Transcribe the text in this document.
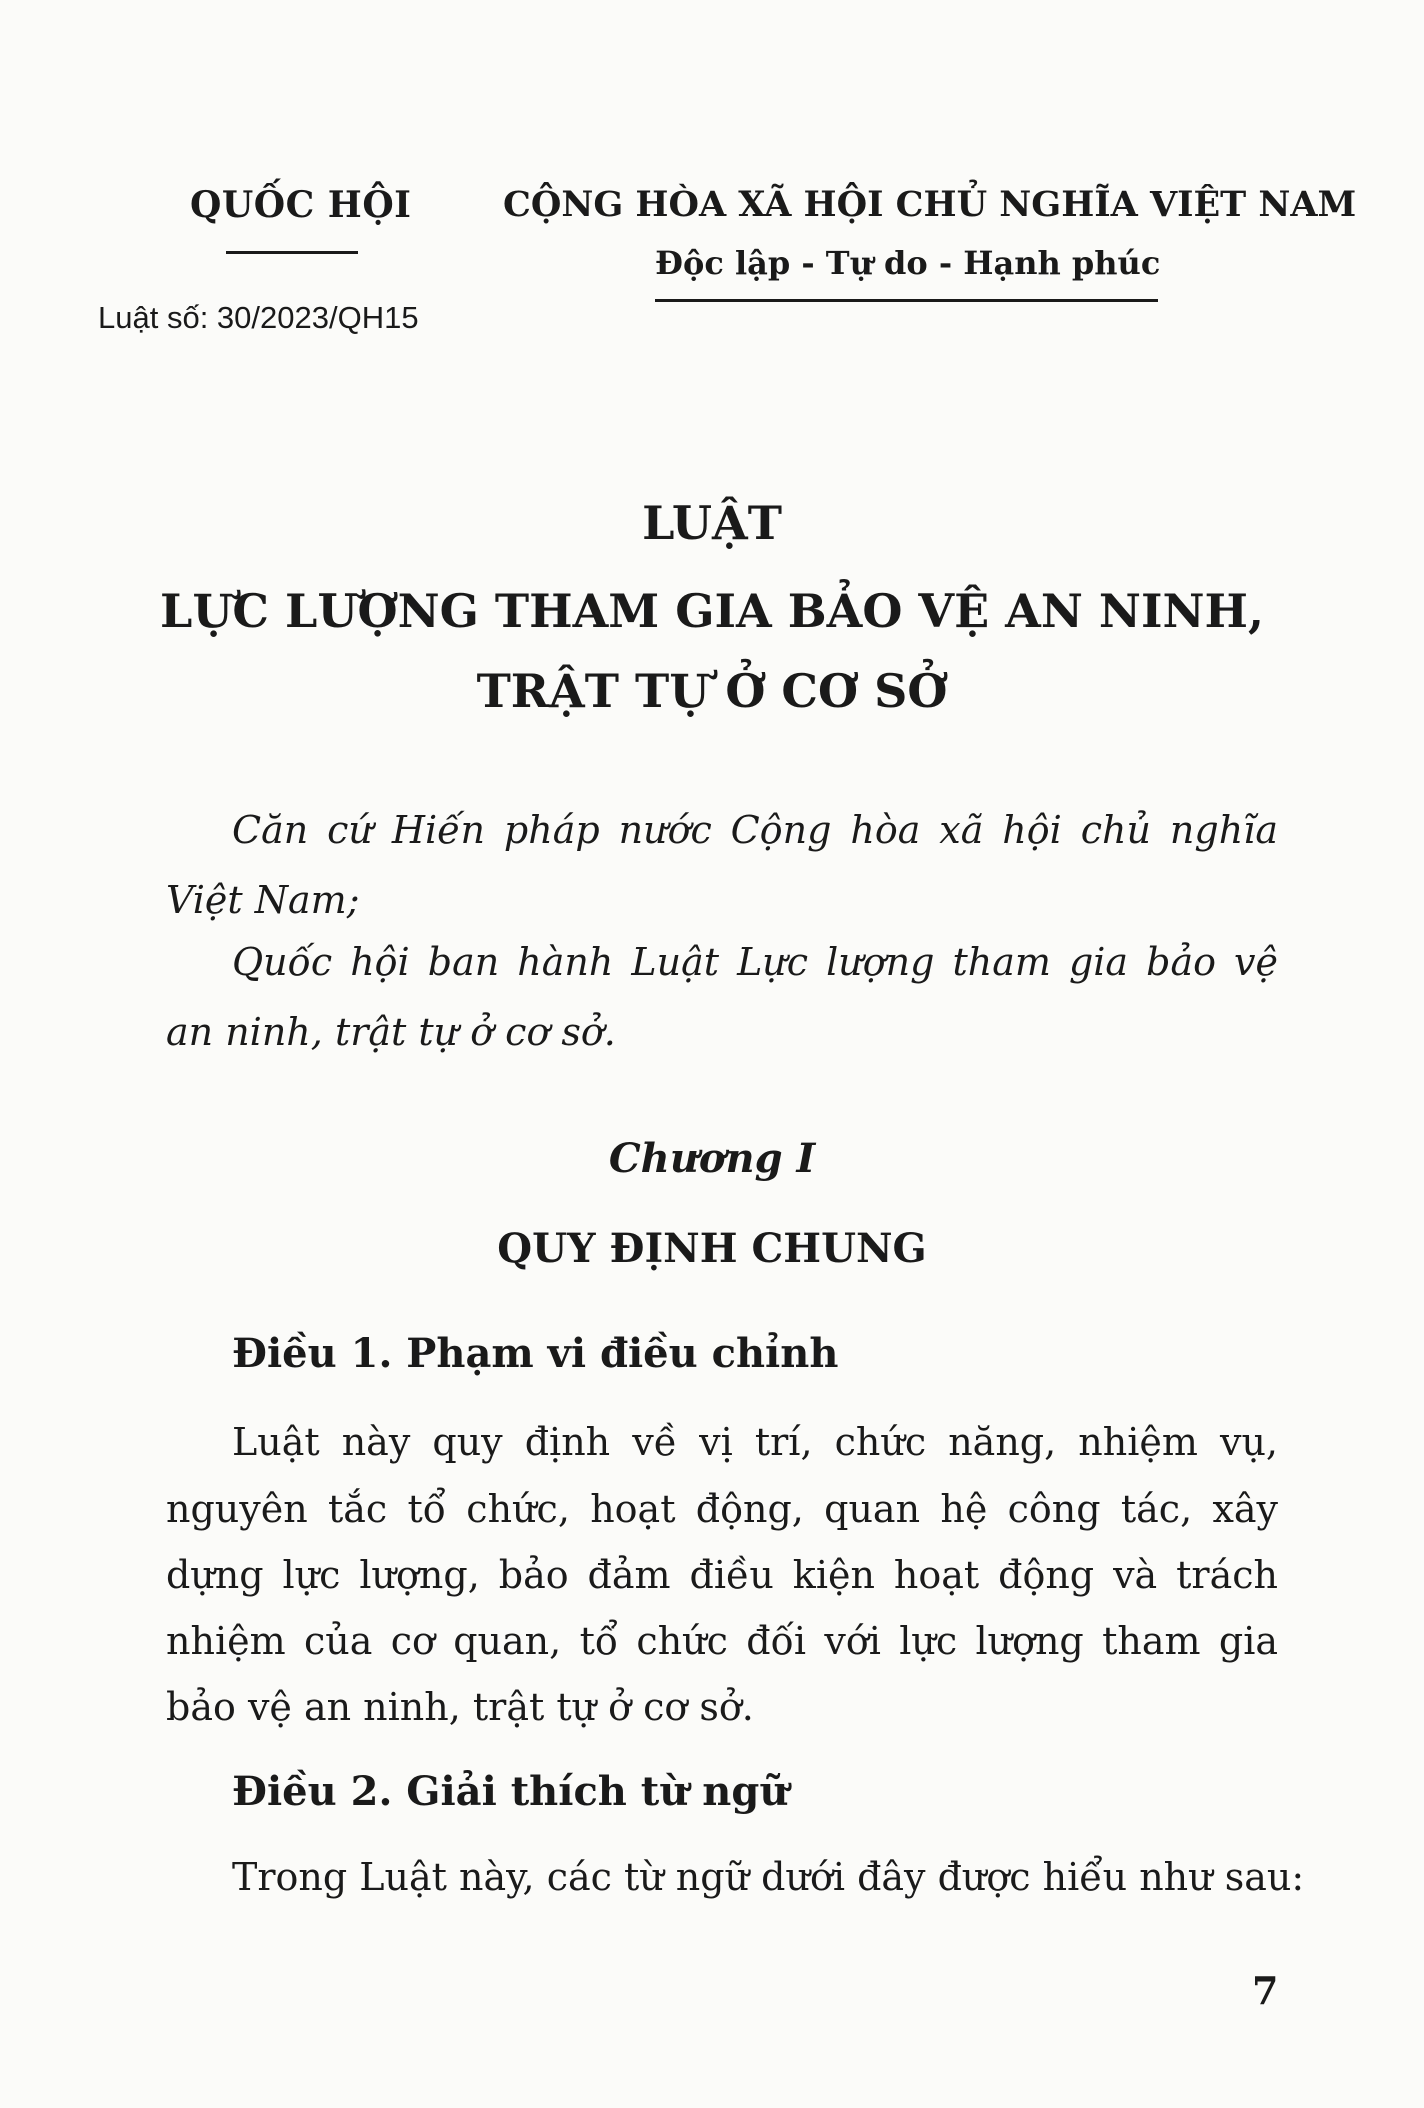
QUỐC HỘI
Luật số: 30/2023/QH15
CỘNG HÒA XÃ HỘI CHỦ NGHĨA VIỆT NAM
Độc lập - Tự do - Hạnh phúc
LUẬT
LỰC LƯỢNG THAM GIA BẢO VỆ AN NINH,
TRẬT TỰ Ở CƠ SỞ
Căn cứ Hiến pháp nước Cộng hòa xã hội chủ nghĩa
Việt Nam;
Quốc hội ban hành Luật Lực lượng tham gia bảo vệ
an ninh, trật tự ở cơ sở.
Chương I
QUY ĐỊNH CHUNG
Điều 1. Phạm vi điều chỉnh
Luật này quy định về vị trí, chức năng, nhiệm vụ,
nguyên tắc tổ chức, hoạt động, quan hệ công tác, xây
dựng lực lượng, bảo đảm điều kiện hoạt động và trách
nhiệm của cơ quan, tổ chức đối với lực lượng tham gia
bảo vệ an ninh, trật tự ở cơ sở.
Điều 2. Giải thích từ ngữ
Trong Luật này, các từ ngữ dưới đây được hiểu như sau:
7
